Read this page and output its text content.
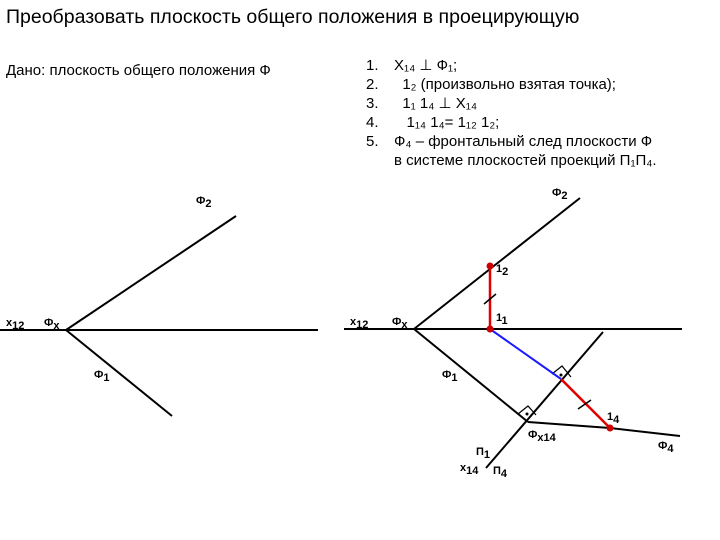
Преобразовать плоскость общего положения в проецирующую
Дано: плоскость общего положения Ф	1. X₁₄ ⊥ Ф₁;
2. 1₂ (произвольно взятая точка);
3. 1₁ 1₄ ⊥ X₁₄
4. 1₁₄ 1₄= 1₁₂ 1₂;
5. Ф₄ – фронтальный след плоскости Ф
в системе плоскостей проекций П₁П₄.
Ф2
x12 Фx
Ф1
Ф2
x12 Фx
Ф1
12
11
14
Фx14
Ф4
П1
x14 П4
